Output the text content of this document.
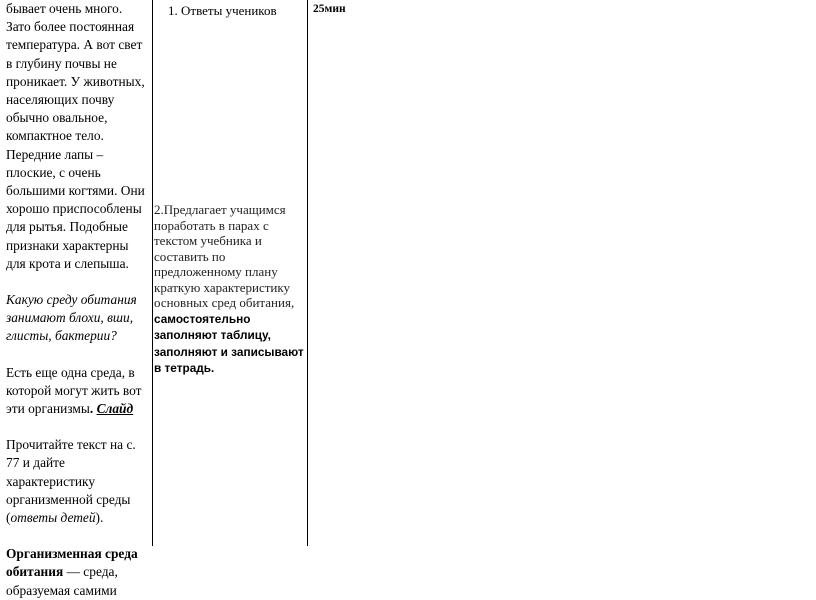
бывает очень много. Зато более постоянная температура. А вот свет в глубину почвы не проникает. У животных, населяющих почву обычно овальное, компактное тело. Передние лапы – плоские, с очень большими когтями. Они хорошо приспособлены для рытья. Подобные признаки характерны для крота и слепыша.

Какую среду обитания занимают блохи, вши, глисты, бактерии?

Есть еще одна среда, в которой могут жить вот эти организмы. Слайд

Прочитайте текст на с. 77 и дайте характеристику организменной среды (ответы детей).

Организменная среда обитания — среда, образуемая самими

1. Ответы учеников
2.Предлагает учащимся поработать в парах с текстом учебника и составить по предложенному плану краткую характеристику основных сред обитания, самостоятельно заполняют таблицу, заполняют и записывают в тетрадь.
25мин
